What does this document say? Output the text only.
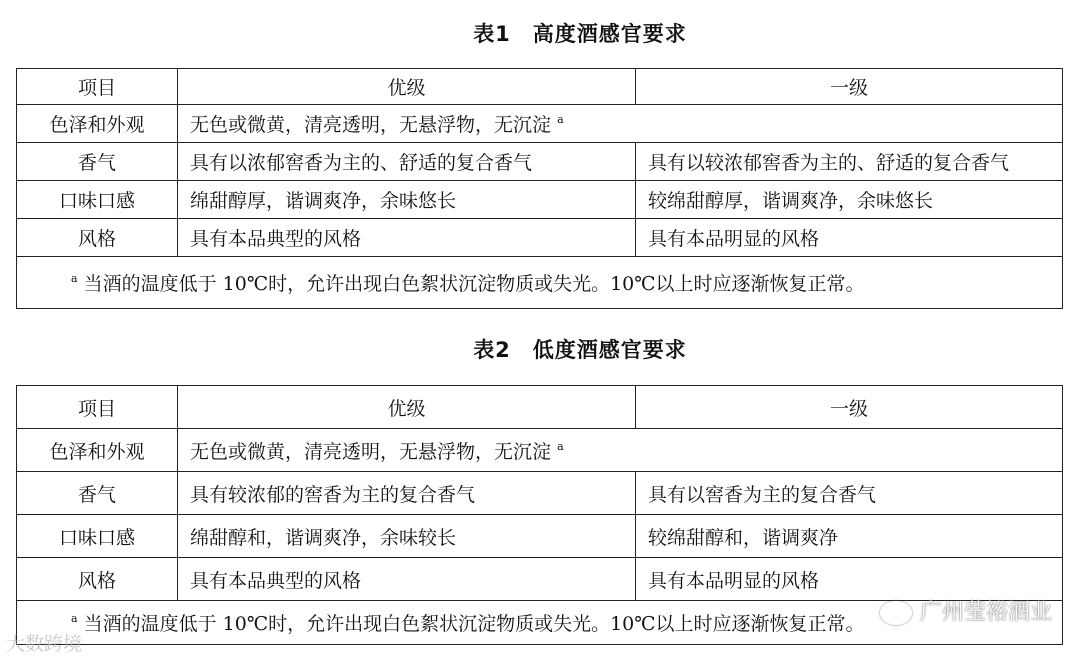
表1　高度酒感官要求
项目	优级	一级
色泽和外观	无色或微黄，清亮透明，无悬浮物，无沉淀 $^a$
香气	具有以浓郁窖香为主的、舒适的复合香气	具有以较浓郁窖香为主的、舒适的复合香气
口味口感	绵甜醇厚，谐调爽净，余味悠长	较绵甜醇厚，谐调爽净，余味悠长
风格	具有本品典型的风格	具有本品明显的风格
$^a$ 当酒的温度低于 10℃时，允许出现白色絮状沉淀物质或失光。10℃以上时应逐渐恢复正常。		
表2　低度酒感官要求
项目	优级	一级
色泽和外观	无色或微黄，清亮透明，无悬浮物，无沉淀 $^a$
香气	具有较浓郁的窖香为主的复合香气	具有以窖香为主的复合香气
口味口感	绵甜醇和，谐调爽净，余味较长	较绵甜醇和，谐调爽净
风格	具有本品典型的风格	具有本品明显的风格
$^a$ 当酒的温度低于 10℃时，允许出现白色絮状沉淀物质或失光。10℃以上时应逐渐恢复正常。		
大数跨境
广州莹裕酒业
